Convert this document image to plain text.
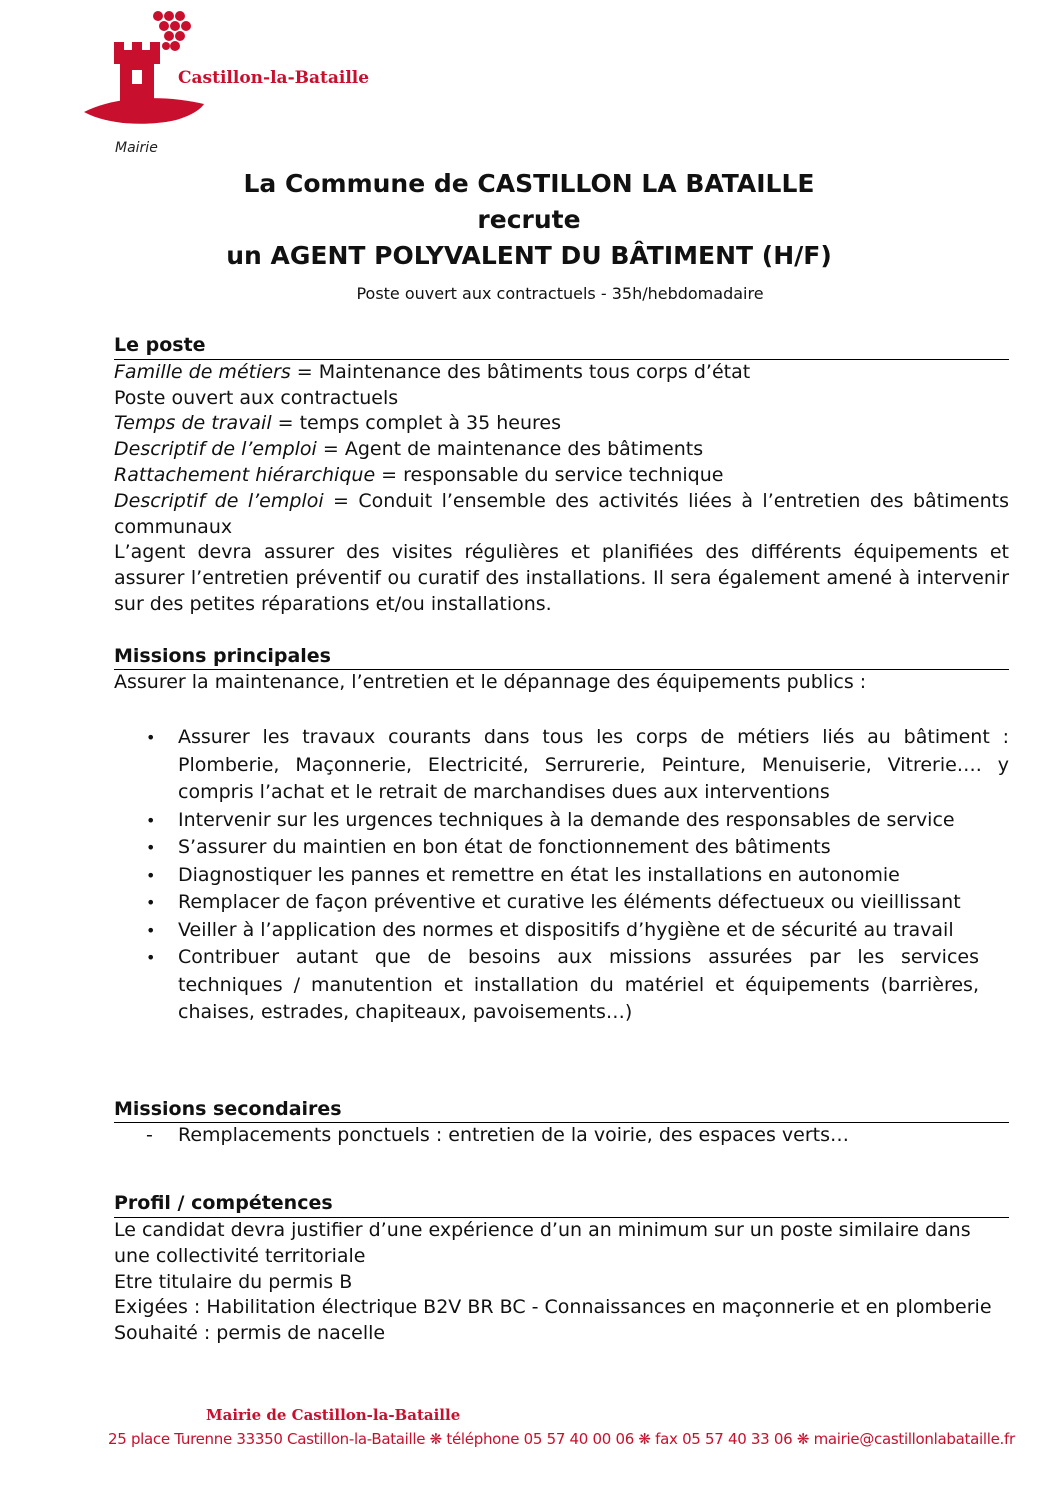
Castillon-la-Bataille
Mairie
La Commune de CASTILLON LA BATAILLE
recrute
un AGENT POLYVALENT DU BÂTIMENT (H/F)
Poste ouvert aux contractuels - 35h/hebdomadaire
Le poste

Famille de métiers = Maintenance des bâtiments tous corps d’état

Poste ouvert aux contractuels

Temps de travail = temps complet à 35 heures

Descriptif de l’emploi = Agent de maintenance des bâtiments

Rattachement hiérarchique = responsable du service technique

Descriptif de l’emploi = Conduit l’ensemble des activités liées à l’entretien des bâtiments communaux

L’agent devra assurer des visites régulières et planifiées des différents équipements et assurer l’entretien préventif ou curatif des installations. Il sera également amené à intervenir sur des petites réparations et/ou installations.

Missions principales

Assurer la maintenance, l’entretien et le dépannage des équipements publics :

• Assurer les travaux courants dans tous les corps de métiers liés au bâtiment : Plomberie, Maçonnerie, Electricité, Serrurerie, Peinture, Menuiserie, Vitrerie…. y compris l’achat et le retrait de marchandises dues aux interventions
• Intervenir sur les urgences techniques à la demande des responsables de service
• S’assurer du maintien en bon état de fonctionnement des bâtiments
• Diagnostiquer les pannes et remettre en état les installations en autonomie
• Remplacer de façon préventive et curative les éléments défectueux ou vieillissant
• Veiller à l’application des normes et dispositifs d’hygiène et de sécurité au travail
• Contribuer autant que de besoins aux missions assurées par les services techniques / manutention et installation du matériel et équipements (barrières, chaises, estrades, chapiteaux, pavoisements…)
Missions secondaires
- Remplacements ponctuels : entretien de la voirie, des espaces verts…
Profil / compétences

Le candidat devra justifier d’une expérience d’un an minimum sur un poste similaire dans une collectivité territoriale

Etre titulaire du permis B

Exigées : Habilitation électrique B2V BR BC - Connaissances en maçonnerie et en plomberie

Souhaité : permis de nacelle

Mairie de Castillon-la-Bataille
25 place Turenne 33350 Castillon-la-Bataille ❋ téléphone 05 57 40 00 06 ❋ fax 05 57 40 33 06 ❋ mairie@castillonlabataille.fr
